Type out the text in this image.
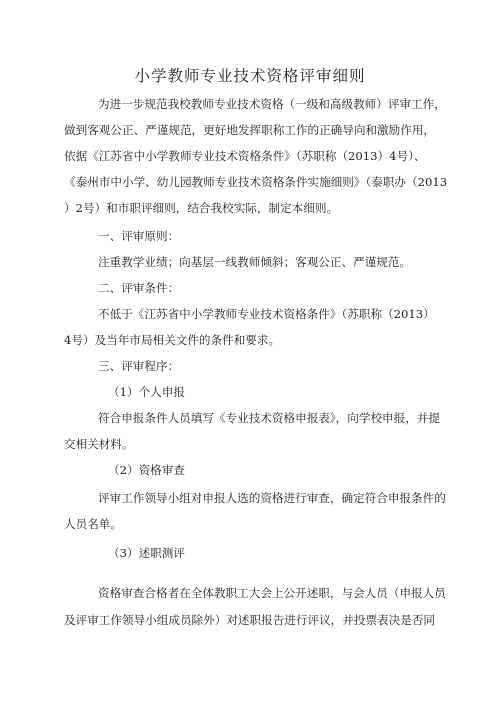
小学教师专业技术资格评审细则
为进一步规范我校教师专业技术资格（一级和高级教师）评审工作，
做到客观公正、严谨规范，更好地发挥职称工作的正确导向和激励作用，
依据《江苏省中小学教师专业技术资格条件》（苏职称（2013）4号）、
《泰州市中小学、幼儿园教师专业技术资格条件实施细则》（泰职办（2013
）2号）和市职评细则，结合我校实际，制定本细则。
一、评审原则：
注重教学业绩；向基层一线教师倾斜；客观公正、严谨规范。
二、评审条件：
不低于《江苏省中小学教师专业技术资格条件》（苏职称（2013）
4号）及当年市局相关文件的条件和要求。
三、评审程序：
（1）个人申报
符合申报条件人员填写《专业技术资格申报表》，向学校申报，并提
交相关材料。
（2）资格审查
评审工作领导小组对申报人选的资格进行审查，确定符合申报条件的
人员名单。
（3）述职测评
资格审查合格者在全体教职工大会上公开述职，与会人员（申报人员
及评审工作领导小组成员除外）对述职报告进行评议，并投票表决是否同
